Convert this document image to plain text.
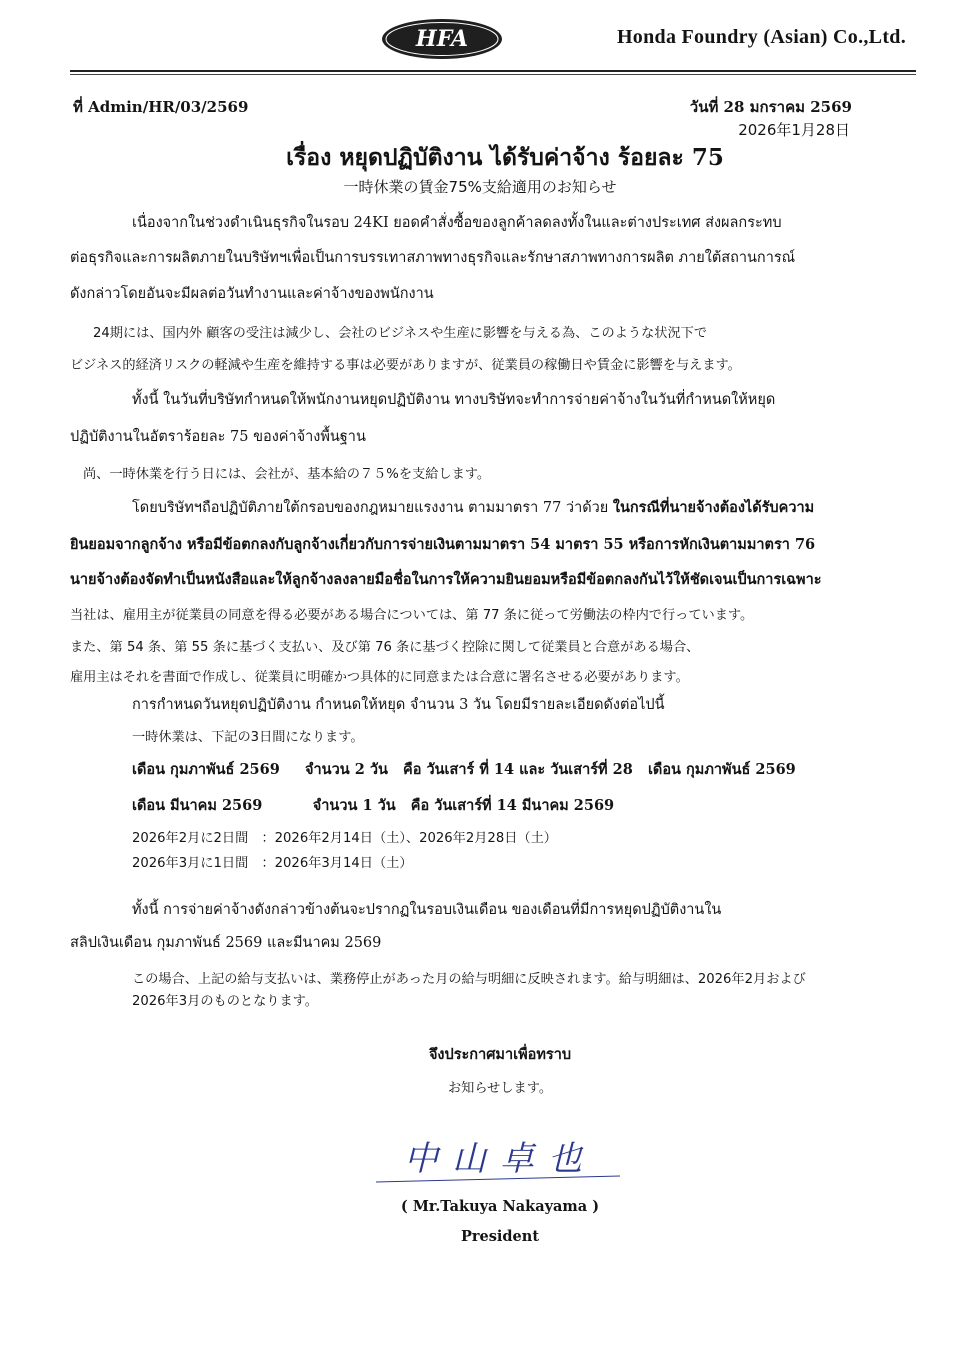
HFA	Honda Foundry (Asian) Co.,Ltd.
ที่ Admin/HR/03/2569	วันที่ 28 มกราคม 2569
2026年1月28日
เรื่อง หยุดปฏิบัติงาน ได้รับค่าจ้าง ร้อยละ 75
一時休業の賃金75%支給適用のお知らせ
เนื่องจากในช่วงดำเนินธุรกิจในรอบ 24KI ยอดคำสั่งซื้อของลูกค้าลดลงทั้งในและต่างประเทศ ส่งผลกระทบ
ต่อธุรกิจและการผลิตภายในบริษัทฯเพื่อเป็นการบรรเทาสภาพทางธุรกิจและรักษาสภาพทางการผลิต ภายใต้สถานการณ์
ดังกล่าวโดยอันจะมีผลต่อวันทำงานและค่าจ้างของพนักงาน
24期には、国内外 顧客の受注は減少し、会社のビジネスや生産に影響を与える為、このような状況下で
ビジネス的経済リスクの軽減や生産を維持する事は必要がありますが、従業員の稼働日や賃金に影響を与えます。
ทั้งนี้ ในวันที่บริษัทกำหนดให้พนักงานหยุดปฏิบัติงาน ทางบริษัทจะทำการจ่ายค่าจ้างในวันที่กำหนดให้หยุด
ปฏิบัติงานในอัตราร้อยละ 75 ของค่าจ้างพื้นฐาน
尚、一時休業を行う日には、会社が、基本給の７５%を支給します。
โดยบริษัทฯถือปฏิบัติภายใต้กรอบของกฎหมายแรงงาน ตามมาตรา 77 ว่าด้วย ในกรณีที่นายจ้างต้องได้รับความ
ยินยอมจากลูกจ้าง หรือมีข้อตกลงกับลูกจ้างเกี่ยวกับการจ่ายเงินตามมาตรา 54 มาตรา 55 หรือการหักเงินตามมาตรา 76
นายจ้างต้องจัดทำเป็นหนังสือและให้ลูกจ้างลงลายมือชื่อในการให้ความยินยอมหรือมีข้อตกลงกันไว้ให้ชัดเจนเป็นการเฉพาะ
当社は、雇用主が従業員の同意を得る必要がある場合については、第 77 条に従って労働法の枠内で行っています。
また、第 54 条、第 55 条に基づく支払い、及び第 76 条に基づく控除に関して従業員と合意がある場合、
雇用主はそれを書面で作成し、従業員に明確かつ具体的に同意または合意に署名させる必要があります。
การกำหนดวันหยุดปฏิบัติงาน กำหนดให้หยุด จำนวน 3 วัน โดยมีรายละเอียดดังต่อไปนี้
一時休業は、下記の3日間になります。
เดือน กุมภาพันธ์ 2569     จำนวน 2 วัน   คือ วันเสาร์ ที่ 14 และ วันเสาร์ที่ 28   เดือน กุมภาพันธ์ 2569
เดือน มีนาคม 2569          จำนวน 1 วัน   คือ วันเสาร์ที่ 14 มีนาคม 2569
2026年2月に2日間　：2026年2月14日（土）、2026年2月28日（土）
2026年3月に1日間　：2026年3月14日（土）
ทั้งนี้ การจ่ายค่าจ้างดังกล่าวข้างต้นจะปรากฏในรอบเงินเดือน ของเดือนที่มีการหยุดปฏิบัติงานใน
สลิปเงินเดือน กุมภาพันธ์ 2569 และมีนาคม 2569
この場合、上記の給与支払いは、業務停止があった月の給与明細に反映されます。給与明細は、2026年2月および
2026年3月のものとなります。
จึงประกาศมาเพื่อทราบ
お知らせします。
中山卓也
( Mr.Takuya Nakayama )
President
